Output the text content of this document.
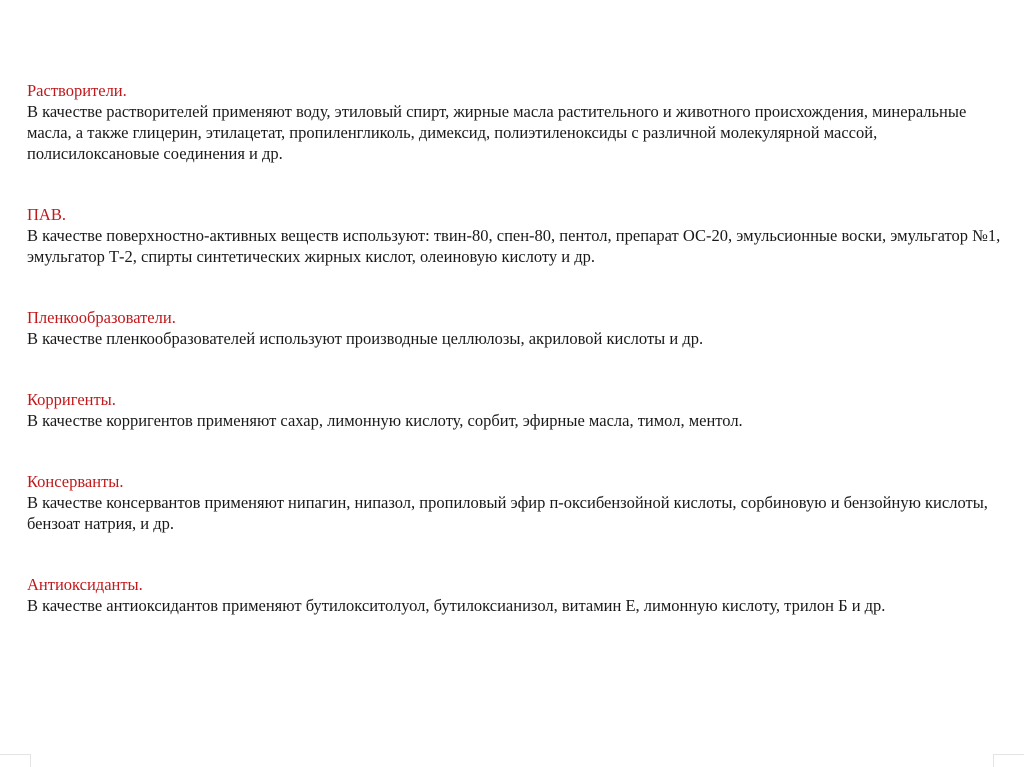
Растворители.
В качестве растворителей применяют воду, этиловый спирт, жирные масла растительного и животного происхождения, минеральные масла, а также глицерин, этилацетат, пропиленгликоль, димексид, полиэтиленоксиды с различной молекулярной массой, полисилоксановые соединения и др.

ПАВ.
В качестве поверхностно-активных веществ используют: твин-80, спен-80, пентол, препарат ОС-20, эмульсионные воски, эмульгатор №1, эмульгатор Т-2, спирты синтетических жирных кислот, олеиновую кислоту и др.

Пленкообразователи.
В качестве пленкообразователей используют производные целлюлозы, акриловой кислоты и др.

Корригенты.
В качестве корригентов применяют сахар, лимонную кислоту, сорбит, эфирные масла, тимол, ментол.

Консерванты.
В качестве консервантов применяют нипагин, нипазол, пропиловый эфир п-оксибензойной кислоты, сорбиновую и бензойную кислоты, бензоат натрия, и др.

Антиоксиданты.
В качестве антиоксидантов применяют бутилокситолуол, бутилоксианизол, витамин Е, лимонную кислоту, трилон Б и др.
